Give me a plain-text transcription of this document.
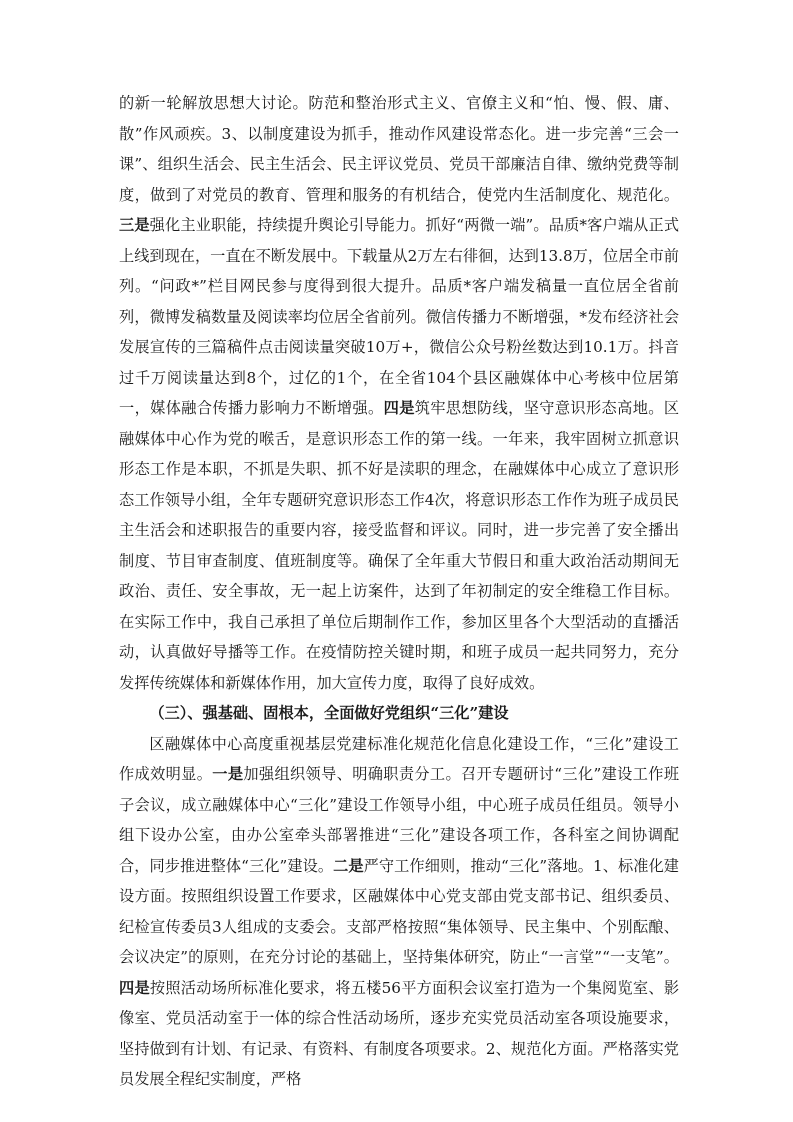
的新一轮解放思想大讨论。防范和整治形式主义、官僚主义和“怕、慢、假、庸、散”作风顽疾。3、以制度建设为抓手，推动作风建设常态化。进一步完善“三会一课”、组织生活会、民主生活会、民主评议党员、党员干部廉洁自律、缴纳党费等制度，做到了对党员的教育、管理和服务的有机结合，使党内生活制度化、规范化。三是强化主业职能，持续提升舆论引导能力。抓好“两微一端”。品质*客户端从正式上线到现在，一直在不断发展中。下载量从2万左右徘徊，达到13.8万，位居全市前列。“问政*”栏目网民参与度得到很大提升。品质*客户端发稿量一直位居全省前列，微博发稿数量及阅读率均位居全省前列。微信传播力不断增强，*发布经济社会发展宣传的三篇稿件点击阅读量突破10万+，微信公众号粉丝数达到10.1万。抖音过千万阅读量达到8个，过亿的1个，在全省104个县区融媒体中心考核中位居第一，媒体融合传播力影响力不断增强。四是筑牢思想防线，坚守意识形态高地。区融媒体中心作为党的喉舌，是意识形态工作的第一线。一年来，我牢固树立抓意识形态工作是本职，不抓是失职、抓不好是渎职的理念，在融媒体中心成立了意识形态工作领导小组，全年专题研究意识形态工作4次，将意识形态工作作为班子成员民主生活会和述职报告的重要内容，接受监督和评议。同时，进一步完善了安全播出制度、节目审查制度、值班制度等。确保了全年重大节假日和重大政治活动期间无政治、责任、安全事故，无一起上访案件，达到了年初制定的安全维稳工作目标。在实际工作中，我自己承担了单位后期制作工作，参加区里各个大型活动的直播活动，认真做好导播等工作。在疫情防控关键时期，和班子成员一起共同努力，充分发挥传统媒体和新媒体作用，加大宣传力度，取得了良好成效。

（三）、强基础、固根本，全面做好党组织“三化”建设

区融媒体中心高度重视基层党建标准化规范化信息化建设工作，“三化”建设工作成效明显。一是加强组织领导、明确职责分工。召开专题研讨“三化”建设工作班子会议，成立融媒体中心“三化”建设工作领导小组，中心班子成员任组员。领导小组下设办公室，由办公室牵头部署推进“三化”建设各项工作，各科室之间协调配合，同步推进整体“三化”建设。二是严守工作细则，推动“三化”落地。1、标准化建设方面。按照组织设置工作要求，区融媒体中心党支部由党支部书记、组织委员、纪检宣传委员3人组成的支委会。支部严格按照“集体领导、民主集中、个别酝酿、会议决定”的原则，在充分讨论的基础上，坚持集体研究，防止“一言堂”“一支笔”。四是按照活动场所标准化要求，将五楼56平方面积会议室打造为一个集阅览室、影像室、党员活动室于一体的综合性活动场所，逐步充实党员活动室各项设施要求，坚持做到有计划、有记录、有资料、有制度各项要求。2、规范化方面。严格落实党员发展全程纪实制度，严格
